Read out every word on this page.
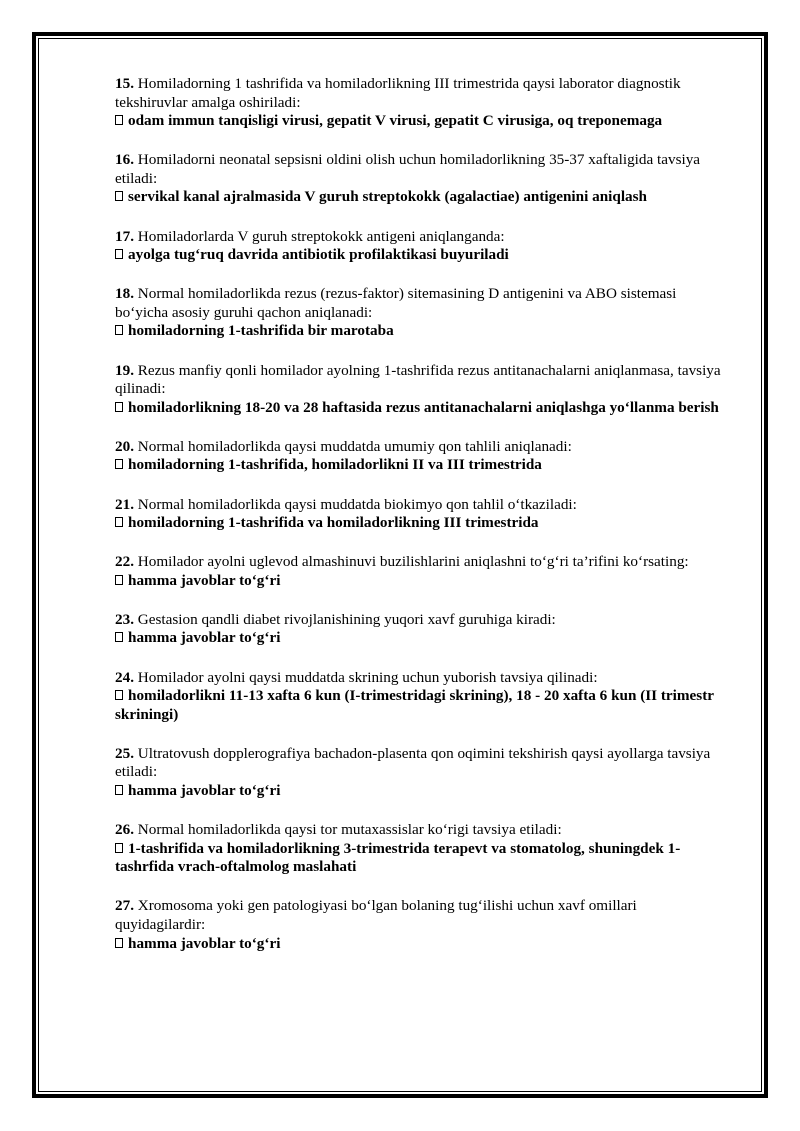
15. Homiladorning 1 tashrifida va homiladorlikning III trimestrida qaysi laborator diagnostik tekshiruvlar amalga oshiriladi:
odam immun tanqisligi virusi, gepatit V virusi, gepatit C virusiga, oq treponemaga
16. Homiladorni neonatal sepsisni oldini olish uchun homiladorlikning 35-37 xaftaligida tavsiya etiladi:
servikal kanal ajralmasida V guruh streptokokk (agalactiae) antigenini aniqlash
17. Homiladorlarda V guruh streptokokk antigeni aniqlanganda:
ayolga tug‘ruq davrida antibiotik profilaktikasi buyuriladi
18. Normal homiladorlikda rezus (rezus-faktor) sitemasining D antigenini va ABO sistemasi bo‘yicha asosiy guruhi qachon aniqlanadi:
homiladorning 1-tashrifida bir marotaba
19. Rezus manfiy qonli homilador ayolning 1-tashrifida rezus antitanachalarni aniqlanmasa, tavsiya qilinadi:
homiladorlikning 18-20 va 28 haftasida rezus antitanachalarni aniqlashga yo‘llanma berish
20. Normal homiladorlikda qaysi muddatda umumiy qon tahlili aniqlanadi:
homiladorning 1-tashrifida, homiladorlikni II va III trimestrida
21. Normal homiladorlikda qaysi muddatda biokimyo qon tahlil o‘tkaziladi:
homiladorning 1-tashrifida va homiladorlikning III trimestrida
22. Homilador ayolni uglevod almashinuvi buzilishlarini aniqlashni to‘g‘ri ta’rifini ko‘rsating:
hamma javoblar to‘g‘ri
23. Gestasion qandli diabet rivojlanishining yuqori xavf guruhiga kiradi:
hamma javoblar to‘g‘ri
24. Homilador ayolni qaysi muddatda skrining uchun yuborish tavsiya qilinadi:
homiladorlikni 11-13 xafta 6 kun (I-trimestridagi skrining), 18 - 20 xafta 6 kun (II trimestr skriningi)
25. Ultratovush dopplerografiya bachadon-plasenta qon oqimini tekshirish qaysi ayollarga tavsiya etiladi:
hamma javoblar to‘g‘ri
26. Normal homiladorlikda qaysi tor mutaxassislar ko‘rigi tavsiya etiladi:
1-tashrifida va homiladorlikning 3-trimestrida terapevt va stomatolog, shuningdek 1-tashrfida vrach-oftalmolog maslahati
27. Xromosoma yoki gen patologiyasi bo‘lgan bolaning tug‘ilishi uchun xavf omillari quyidagilardir:
hamma javoblar to‘g‘ri
